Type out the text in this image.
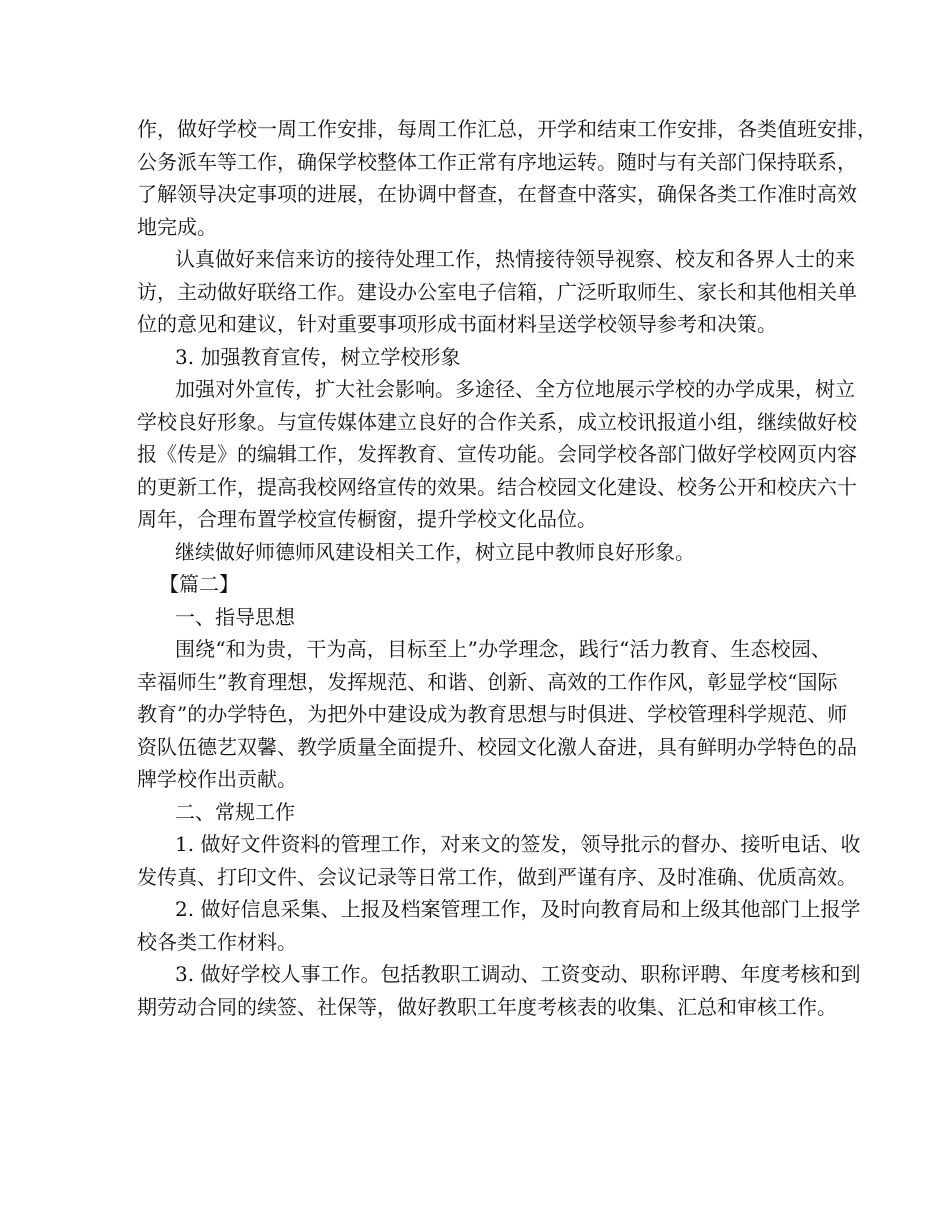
作，做好学校一周工作安排，每周工作汇总，开学和结束工作安排，各类值班安排，
公务派车等工作，确保学校整体工作正常有序地运转。随时与有关部门保持联系，
了解领导决定事项的进展，在协调中督查，在督查中落实，确保各类工作准时高效
地完成。
认真做好来信来访的接待处理工作，热情接待领导视察、校友和各界人士的来
访，主动做好联络工作。建设办公室电子信箱，广泛听取师生、家长和其他相关单
位的意见和建议，针对重要事项形成书面材料呈送学校领导参考和决策。
3. 加强教育宣传，树立学校形象
加强对外宣传，扩大社会影响。多途径、全方位地展示学校的办学成果，树立
学校良好形象。与宣传媒体建立良好的合作关系，成立校讯报道小组，继续做好校
报《传是》的编辑工作，发挥教育、宣传功能。会同学校各部门做好学校网页内容
的更新工作，提高我校网络宣传的效果。结合校园文化建设、校务公开和校庆六十
周年，合理布置学校宣传橱窗，提升学校文化品位。
继续做好师德师风建设相关工作，树立昆中教师良好形象。
【篇二】
一、指导思想
围绕“和为贵，干为高，目标至上”办学理念，践行“活力教育、生态校园、
幸福师生”教育理想，发挥规范、和谐、创新、高效的工作作风，彰显学校“国际
教育”的办学特色，为把外中建设成为教育思想与时俱进、学校管理科学规范、师
资队伍德艺双馨、教学质量全面提升、校园文化激人奋进，具有鲜明办学特色的品
牌学校作出贡献。
二、常规工作
1. 做好文件资料的管理工作，对来文的签发，领导批示的督办、接听电话、收
发传真、打印文件、会议记录等日常工作，做到严谨有序、及时准确、优质高效。
2. 做好信息采集、上报及档案管理工作，及时向教育局和上级其他部门上报学
校各类工作材料。
3. 做好学校人事工作。包括教职工调动、工资变动、职称评聘、年度考核和到
期劳动合同的续签、社保等，做好教职工年度考核表的收集、汇总和审核工作。
